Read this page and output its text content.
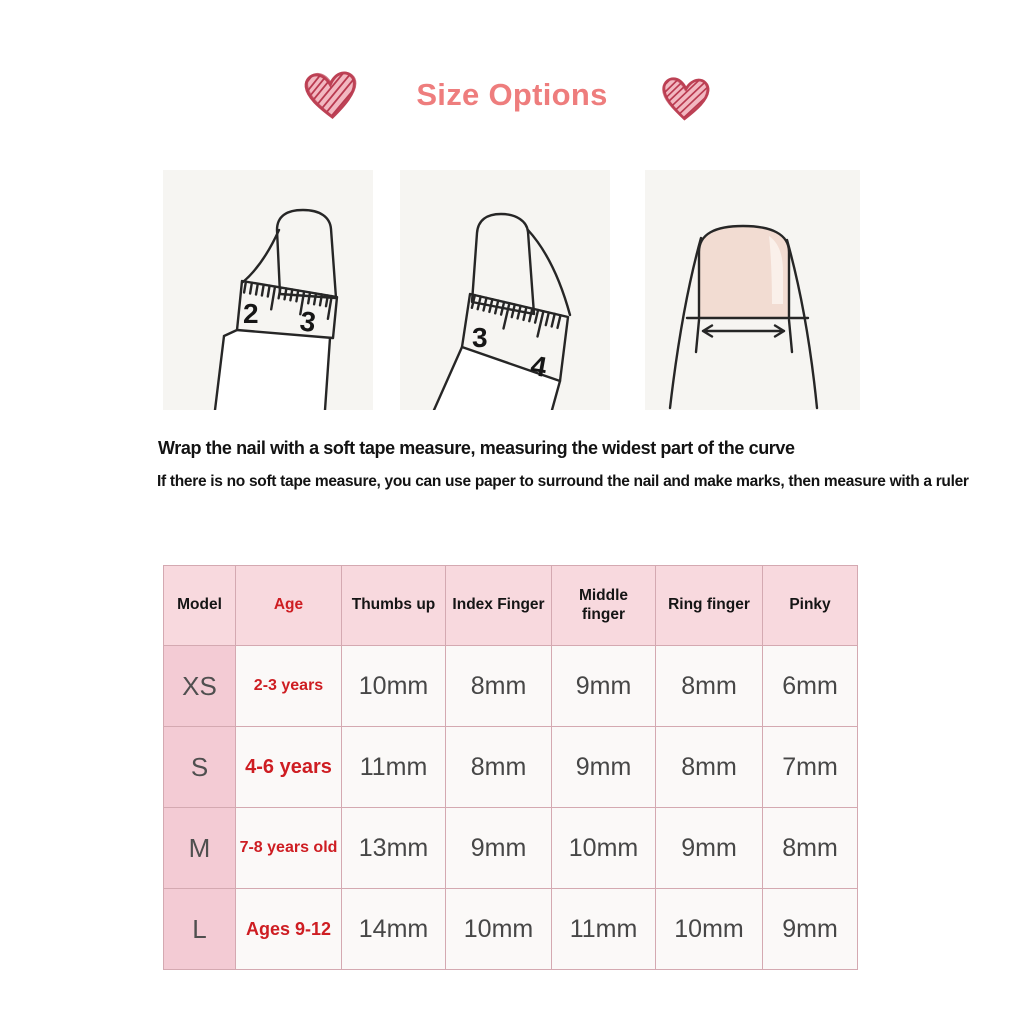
Size Options
2 3	3
4

Wrap the nail with a soft tape measure, measuring the widest part of the curve

If there is no soft tape measure, you can use paper to surround the nail and make marks, then measure with a ruler

Model	Age	Thumbs up	Index Finger	Middle finger	Ring finger	Pinky
XS	2-3 years	10mm	8mm	9mm	8mm	6mm
S	4-6 years	11mm	8mm	9mm	8mm	7mm
M	7-8 years old	13mm	9mm	10mm	9mm	8mm
L	Ages 9-12	14mm	10mm	11mm	10mm	9mm
